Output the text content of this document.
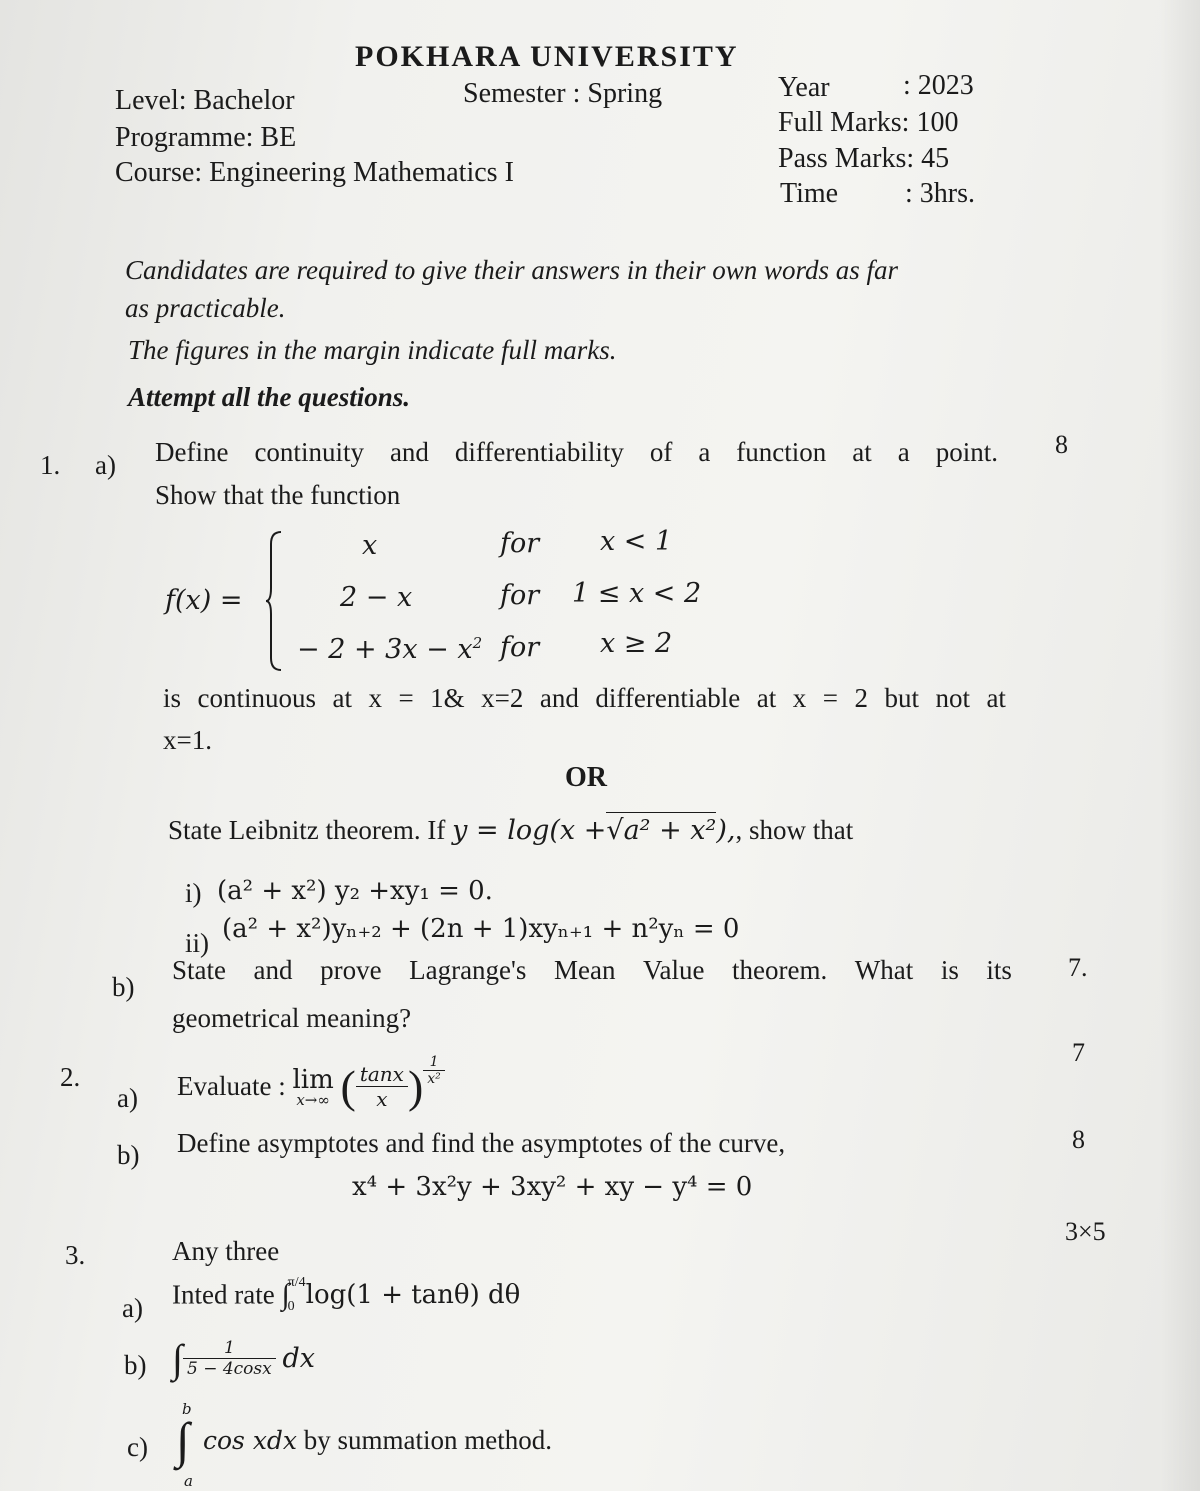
POKHARA UNIVERSITY
Level: Bachelor	Semester : Spring	Year	: 2023
Programme: BE	Full Marks: 100
Course: Engineering Mathematics I	Pass Marks: 45
Time : 3hrs.
Candidates are required to give their answers in their own words as far
as practicable.
The figures in the margin indicate full marks.
Attempt all the questions.
1. a) Define continuity and differentiability of a function at a point. 8
Show that the function
f(x) =
x	for x < 1
2 − x	for 1 ≤ x < 2
− $2 + 3x - x^2$ for x ≥ 2
is continuous at x = 1& x=2 and differentiable at x = 2 but not at
x=1.
OR
State Leibnitz theorem. If y = log(x +√a² + x²),, show that
i) (a² + x²) y₂ +xy₁ = 0.
ii) (a² + x²)yₙ₊₂ + (2n + 1)xyₙ₊₁ + n²yₙ = 0
b)
State and prove Lagrange's Mean Value theorem. What is its 7.
geometrical meaning?
2.
7
a) Evaluate : lim
x→∞ ( $\frac{\tan x}{x}$ ) $\frac{1}{\text{x²}}$
b) Define asymptotes and find the asymptotes of the curve,	8
x⁴ + 3x²y + 3xy² + xy − y⁴ = 0
3.	Any three
3×5
a) Inted rate ∫
π/4
0 log(1 + tanθ) dθ
b) ∫ $\frac{1}{5 - 4\cos x}$ dx
c)
b
∫
a
cos xdx by summation method.
